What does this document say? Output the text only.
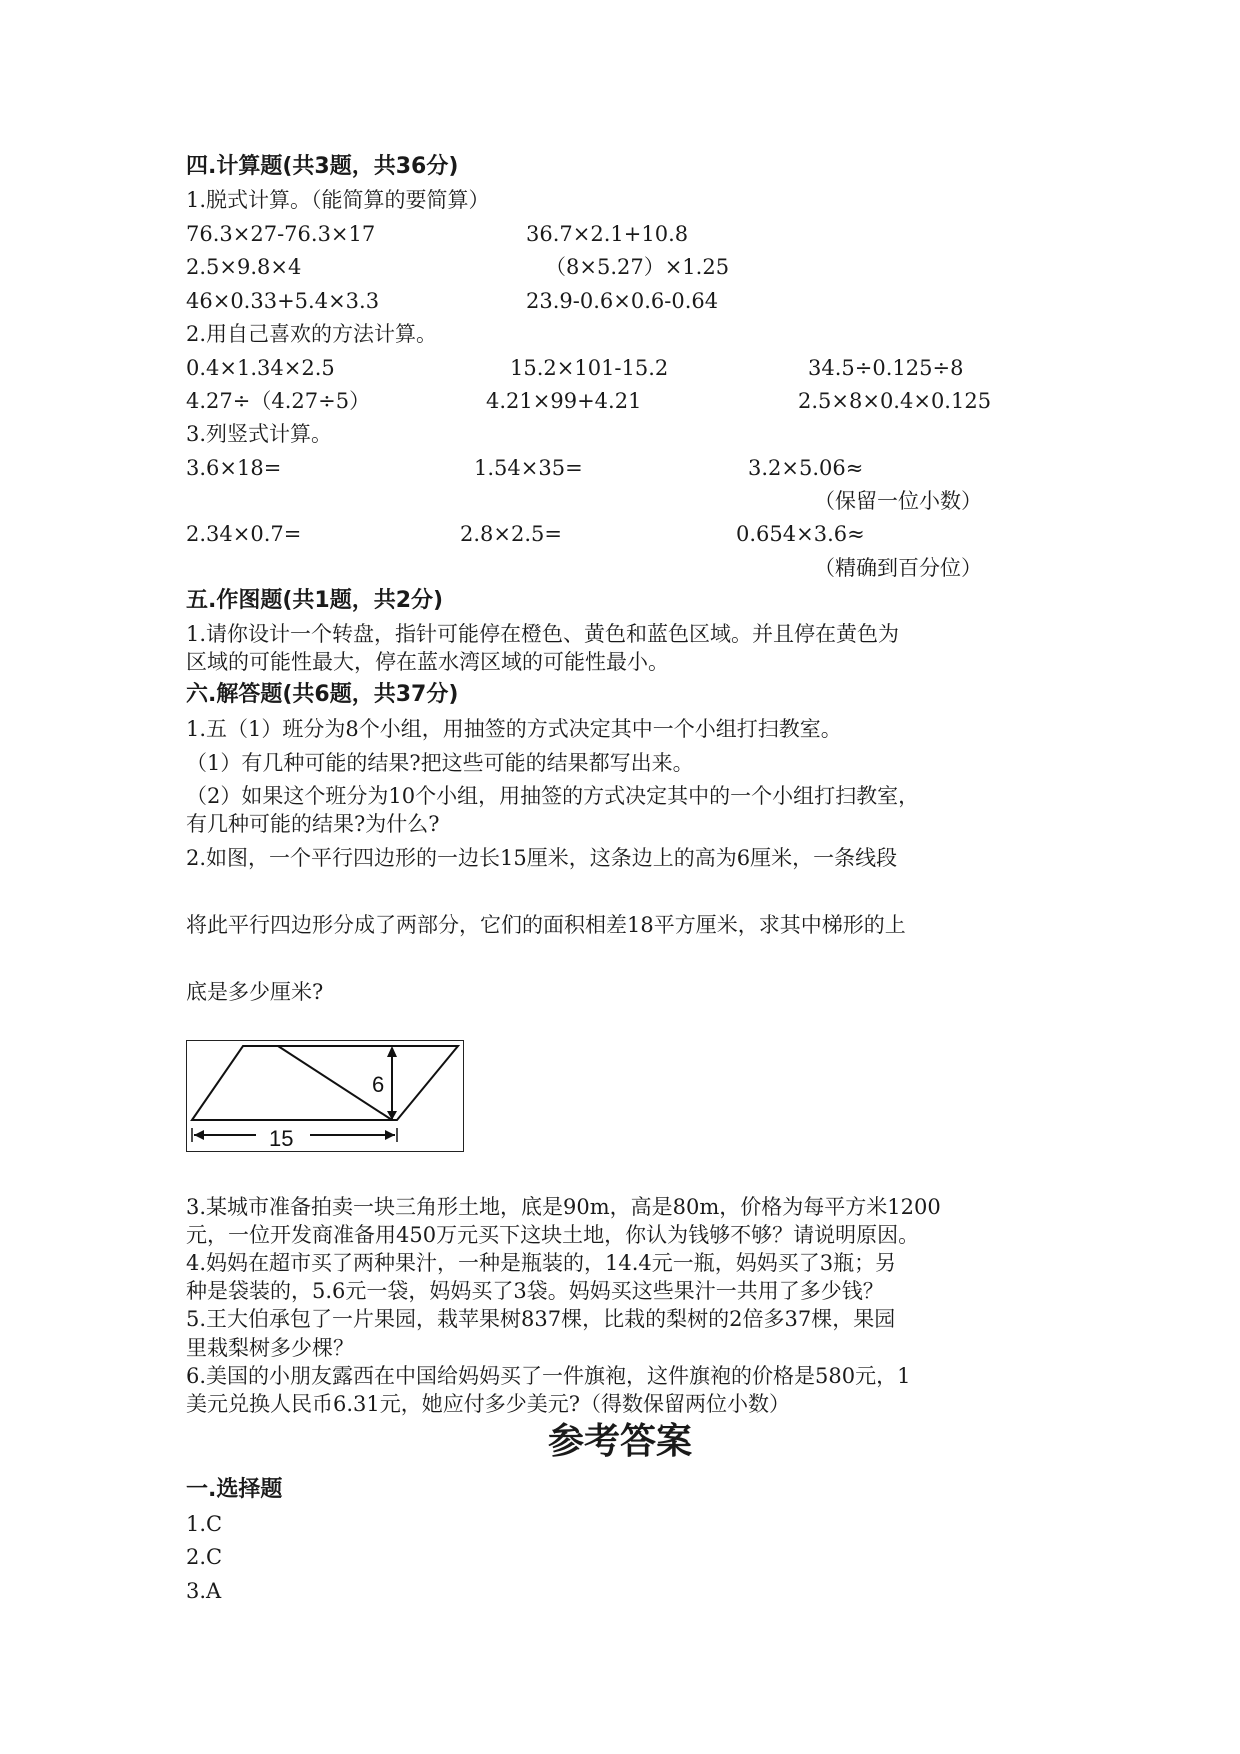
四.计算题(共3题，共36分)
1.脱式计算。（能简算的要简算）
76.3×27-76.3×17	36.7×2.1+10.8
2.5×9.8×4	（8×5.27）×1.25
46×0.33+5.4×3.3	23.9-0.6×0.6-0.64
2.用自己喜欢的方法计算。
0.4×1.34×2.5	15.2×101-15.2	34.5÷0.125÷8
4.27÷（4.27÷5）	4.21×99+4.21	2.5×8×0.4×0.125
3.列竖式计算。
3.6×18=	1.54×35=	3.2×5.06≈
（保留一位小数）
2.34×0.7=	2.8×2.5=	0.654×3.6≈
（精确到百分位）
五.作图题(共1题，共2分)
1.请你设计一个转盘，指针可能停在橙色、黄色和蓝色区域。并且停在黄色为
区域的可能性最大，停在蓝水湾区域的可能性最小。
六.解答题(共6题，共37分)
1.五（1）班分为8个小组，用抽签的方式决定其中一个小组打扫教室。
（1）有几种可能的结果?把这些可能的结果都写出来。
（2）如果这个班分为10个小组，用抽签的方式决定其中的一个小组打扫教室，
有几种可能的结果?为什么?
2.如图，一个平行四边形的一边长15厘米，这条边上的高为6厘米，一条线段
将此平行四边形分成了两部分，它们的面积相差18平方厘米，求其中梯形的上
底是多少厘米?
6
15
3.某城市准备拍卖一块三角形土地，底是90m，高是80m，价格为每平方米1200
元，一位开发商准备用450万元买下这块土地，你认为钱够不够？请说明原因。
4.妈妈在超市买了两种果汁，一种是瓶装的，14.4元一瓶，妈妈买了3瓶；另
种是袋装的，5.6元一袋，妈妈买了3袋。妈妈买这些果汁一共用了多少钱？
5.王大伯承包了一片果园，栽苹果树837棵，比栽的梨树的2倍多37棵，果园
里栽梨树多少棵？
6.美国的小朋友露西在中国给妈妈买了一件旗袍，这件旗袍的价格是580元，1
美元兑换人民币6.31元，她应付多少美元?（得数保留两位小数）
参考答案
一.选择题
1.C
2.C
3.A
